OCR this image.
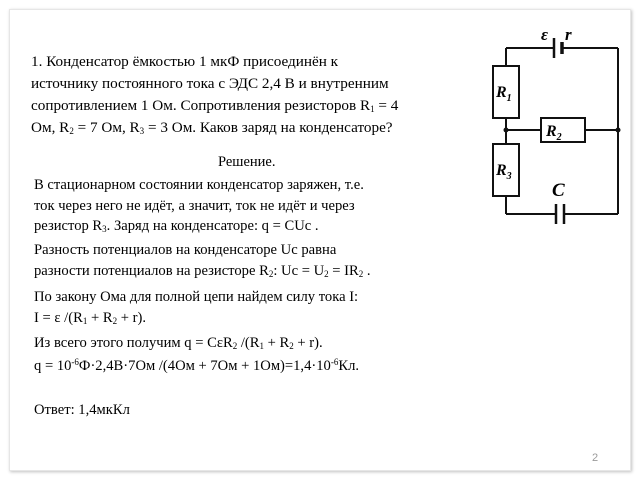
1. Конденсатор ёмкостью 1 мкФ присоединён к
источнику постоянного тока с ЭДС 2,4 В и внутренним
сопротивлением 1 Ом. Сопротивления резисторов $R_1 = 4$
Ом, $R_2 = 7$ Ом, $R_3 = 3$ Ом. Каков заряд на конденсаторе?
Решение.
В стационарном состоянии конденсатор заряжен, т.е.
ток через него не идёт, а значит, ток не идёт и через
резистор $R_3$. Заряд на конденсаторе: q = CUc .
Разность потенциалов на конденсаторе Uc равна
разности потенциалов на резисторе $R_2$: $Uc = U_2 = IR_2$ .
По закону Ома для полной цепи найдем силу тока I:
I = ε $/(R_1 + R_2 + r)$.
Из всего этого получим q = CεR$_2$ $/(R_1 + R_2 + r)$.
$q = 10^{-6}Ф\cdot 2,4В\cdot 7Ом$ $/(4Ом + 7Ом + 1Ом)=1,4\cdot 10^{-6}Кл$.
Ответ: 1,4мкКл
ε r
$R_1$
$R_3$
$R_2$
C
2
